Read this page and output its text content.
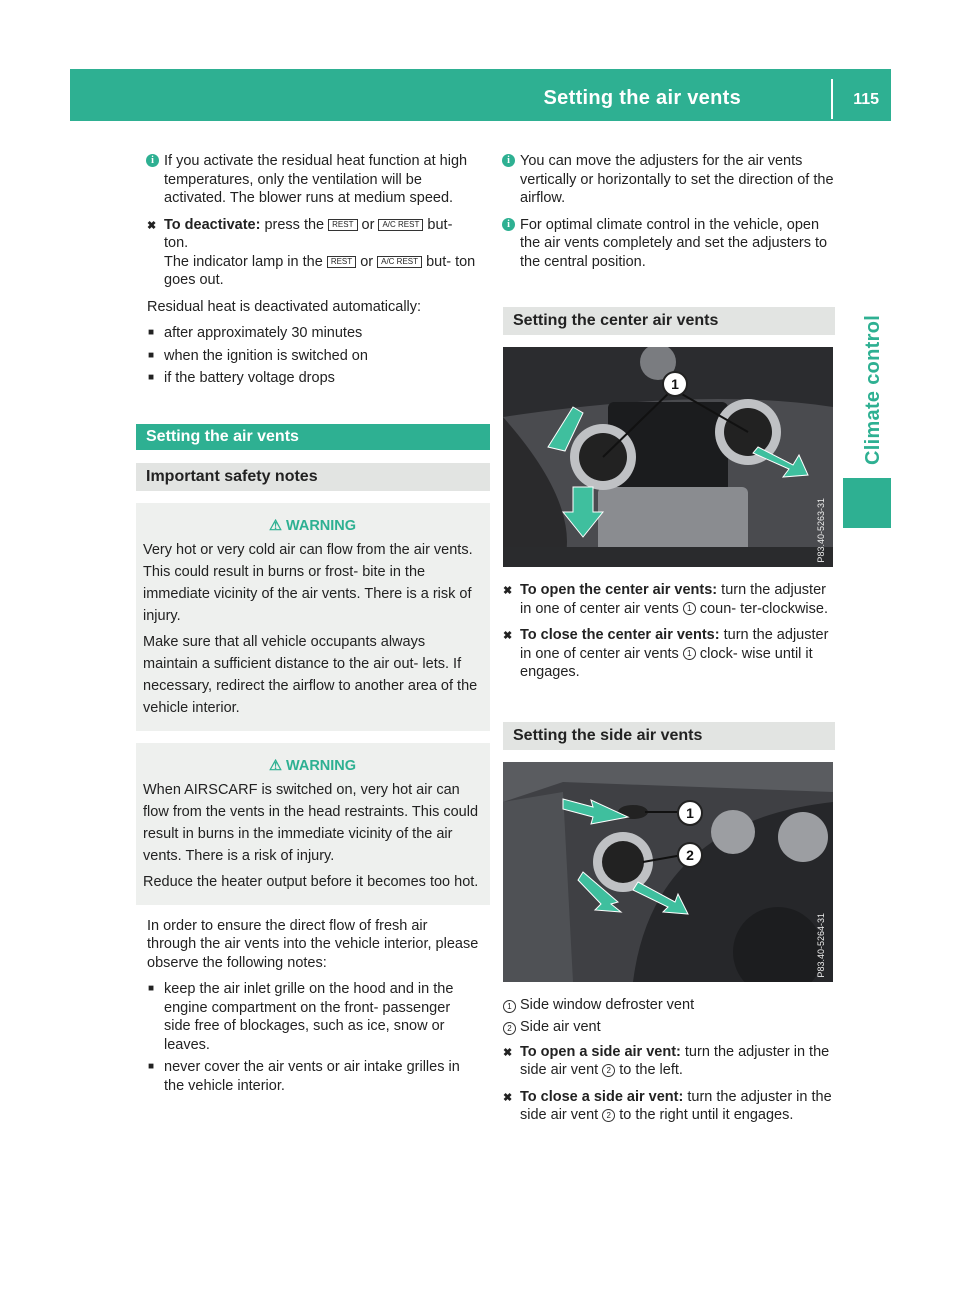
Setting the air vents	115
Climate control

i If you activate the residual heat function at high temperatures, only the ventilation will be activated. The blower runs at medium speed.

✖ To deactivate: press the REST or A/C REST but- ton.
The indicator lamp in the REST or A/C REST but- ton goes out.

Residual heat is deactivated automatically:

■ after approximately 30 minutes
■ when the ignition is switched on
■ if the battery voltage drops
Setting the air vents
Important safety notes
⚠ WARNING

Very hot or very cold air can flow from the air vents. This could result in burns or frost- bite in the immediate vicinity of the air vents. There is a risk of injury.

Make sure that all vehicle occupants always maintain a sufficient distance to the air out- lets. If necessary, redirect the airflow to another area of the vehicle interior.

⚠ WARNING

When AIRSCARF is switched on, very hot air can flow from the vents in the head restraints. This could result in burns in the immediate vicinity of the air vents. There is a risk of injury.

Reduce the heater output before it becomes too hot.

In order to ensure the direct flow of fresh air through the air vents into the vehicle interior, please observe the following notes:

■ keep the air inlet grille on the hood and in the engine compartment on the front- passenger side free of blockages, such as ice, snow or leaves.
■ never cover the air vents or air intake grilles in the vehicle interior.

i You can move the adjusters for the air vents vertically or horizontally to set the direction of the airflow.

i For optimal climate control in the vehicle, open the air vents completely and set the adjusters to the central position.

Setting the center air vents
1
P83.40-5263-31
✖ To open the center air vents: turn the adjuster in one of center air vents 1 coun- ter-clockwise.
✖ To close the center air vents: turn the adjuster in one of center air vents 1 clock- wise until it engages.
Setting the side air vents
1
2
P83.40-5264-31
1 Side window defroster vent
2 Side air vent
✖ To open a side air vent: turn the adjuster in the side air vent 2 to the left.
✖ To close a side air vent: turn the adjuster in the side air vent 2 to the right until it engages.
